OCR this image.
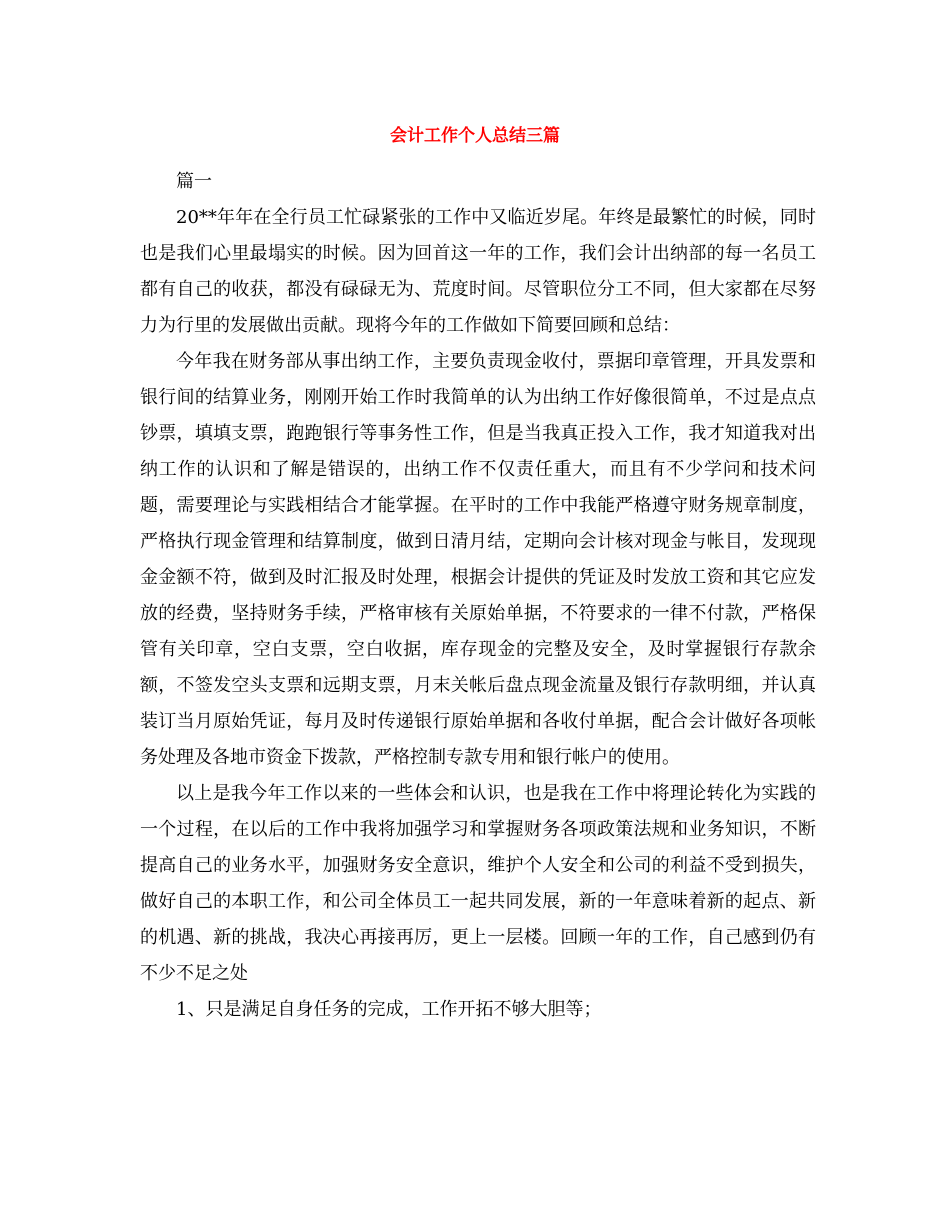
会计工作个人总结三篇

篇一

20**年年在全行员工忙碌紧张的工作中又临近岁尾。年终是最繁忙的时候，同时也是我们心里最塌实的时候。因为回首这一年的工作，我们会计出纳部的每一名员工都有自己的收获，都没有碌碌无为、荒度时间。尽管职位分工不同，但大家都在尽努力为行里的发展做出贡献。现将今年的工作做如下简要回顾和总结：

今年我在财务部从事出纳工作，主要负责现金收付，票据印章管理，开具发票和银行间的结算业务，刚刚开始工作时我简单的认为出纳工作好像很简单，不过是点点钞票，填填支票，跑跑银行等事务性工作，但是当我真正投入工作，我才知道我对出纳工作的认识和了解是错误的，出纳工作不仅责任重大，而且有不少学问和技术问题，需要理论与实践相结合才能掌握。在平时的工作中我能严格遵守财务规章制度，严格执行现金管理和结算制度，做到日清月结，定期向会计核对现金与帐目，发现现金金额不符，做到及时汇报及时处理，根据会计提供的凭证及时发放工资和其它应发放的经费，坚持财务手续，严格审核有关原始单据，不符要求的一律不付款，严格保管有关印章，空白支票，空白收据，库存现金的完整及安全，及时掌握银行存款余额，不签发空头支票和远期支票，月末关帐后盘点现金流量及银行存款明细，并认真装订当月原始凭证，每月及时传递银行原始单据和各收付单据，配合会计做好各项帐务处理及各地市资金下拨款，严格控制专款专用和银行帐户的使用。

以上是我今年工作以来的一些体会和认识，也是我在工作中将理论转化为实践的一个过程，在以后的工作中我将加强学习和掌握财务各项政策法规和业务知识，不断提高自己的业务水平，加强财务安全意识，维护个人安全和公司的利益不受到损失，做好自己的本职工作，和公司全体员工一起共同发展，新的一年意味着新的起点、新的机遇、新的挑战，我决心再接再厉，更上一层楼。回顾一年的工作，自己感到仍有不少不足之处

1、只是满足自身任务的完成，工作开拓不够大胆等；
